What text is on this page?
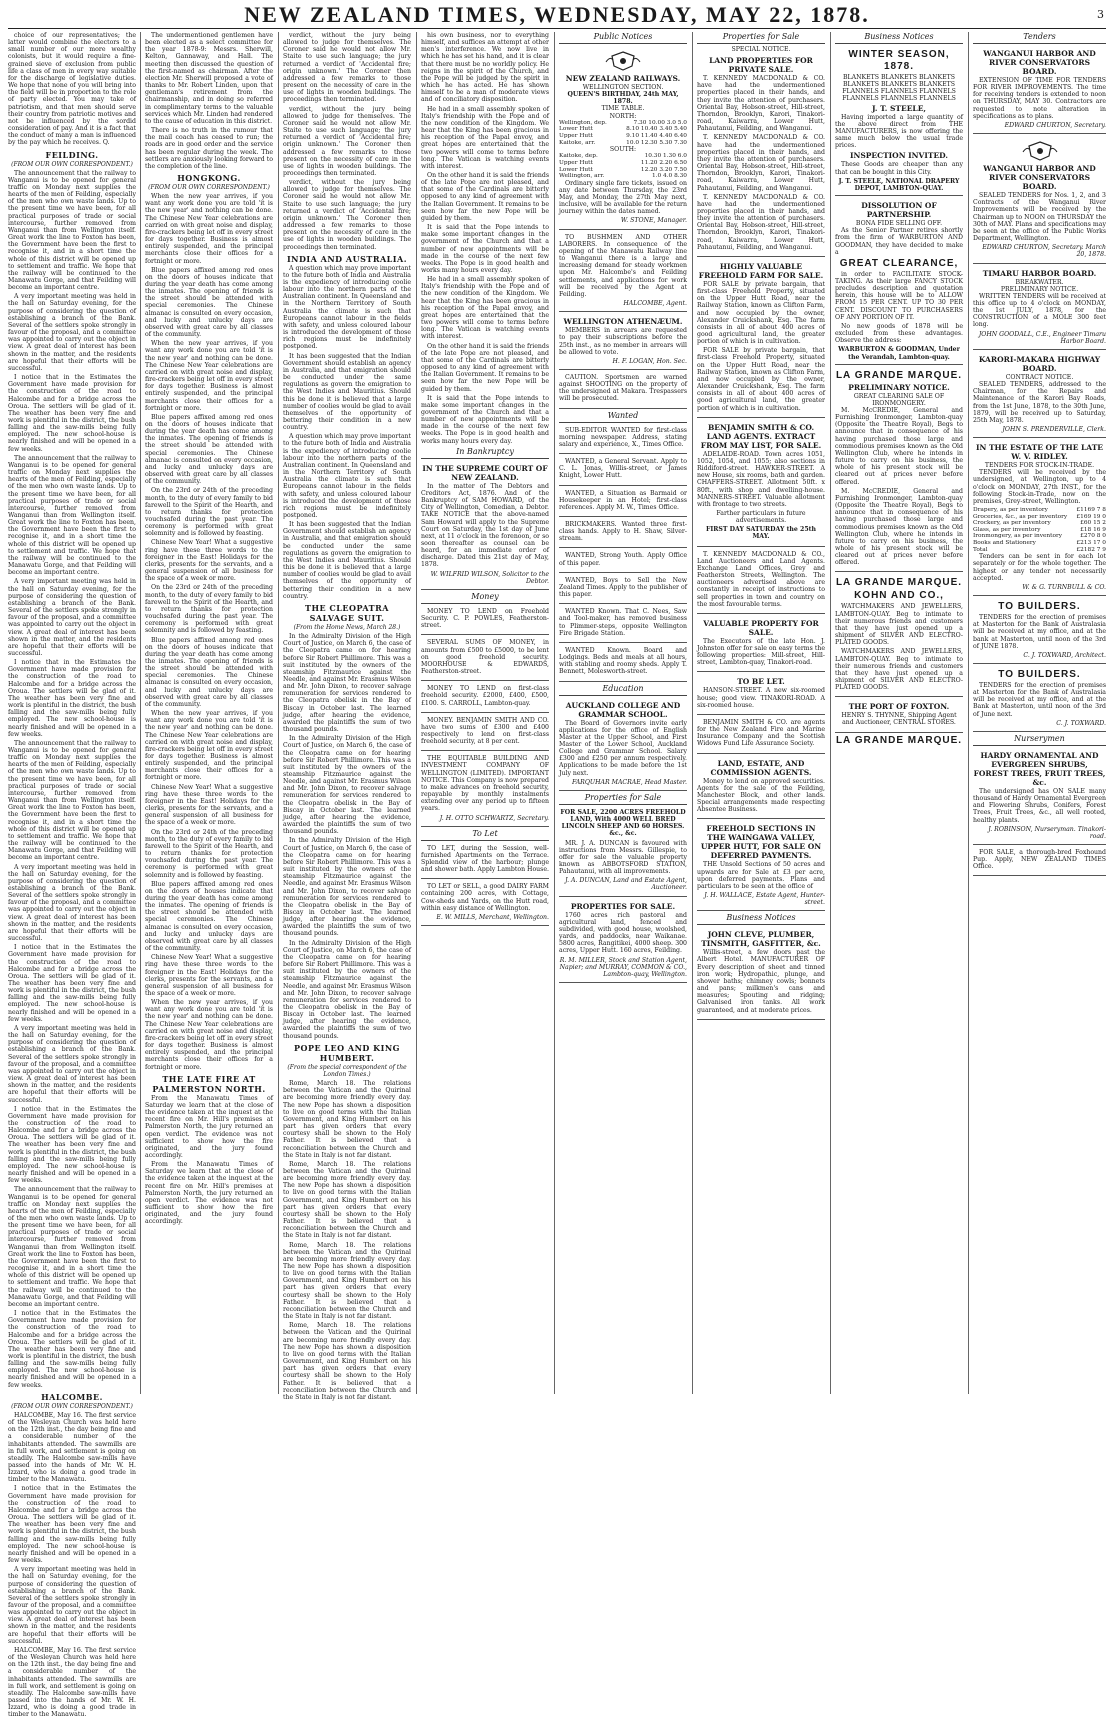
NEW ZEALAND TIMES, WEDNESDAY, MAY 22, 1878.	3

choice of our representatives; the latter would combine the electors to a small number of our more wealthy colonists, but it would require a fine-grained sieve of exclusion from public life a class of men in every way suitable for the discharge of legislative duties. We hope that none of you will bring into the field will be in proportion to the role of party elected. You may take of patriotism, and that men should serve their country from patriotic motives and not be influenced by the sordid consideration of pay. And it is a fact that the conduct of many a man is influenced by the pay which he receives. Q.

FEILDING.
(FROM OUR OWN CORRESPONDENT.)

The announcement that the railway to Wanganui is to be opened for general traffic on Monday next supplies the hearts of the men of Feilding, especially of the men who own waste lands. Up to the present time we have been, for all practical purposes of trade or social intercourse, further removed from Wanganui than from Wellington itself. Great work the line to Foxton has been, the Government have been the first to recognise it, and in a short time the whole of this district will be opened up to settlement and traffic. We hope that the railway will be continued to the Manawatu Gorge, and that Feilding will become an important centre.

A very important meeting was held in the hall on Saturday evening, for the purpose of considering the question of establishing a branch of the Bank. Several of the settlers spoke strongly in favour of the proposal, and a committee was appointed to carry out the object in view. A great deal of interest has been shown in the matter, and the residents are hopeful that their efforts will be successful.

I notice that in the Estimates the Government have made provision for the construction of the road to Halcombe and for a bridge across the Oroua. The settlers will be glad of it. The weather has been very fine and work is plentiful in the district, the bush falling and the saw-mills being fully employed. The new school-house is nearly finished and will be opened in a few weeks.

The announcement that the railway to Wanganui is to be opened for general traffic on Monday next supplies the hearts of the men of Feilding, especially of the men who own waste lands. Up to the present time we have been, for all practical purposes of trade or social intercourse, further removed from Wanganui than from Wellington itself. Great work the line to Foxton has been, the Government have been the first to recognise it, and in a short time the whole of this district will be opened up to settlement and traffic. We hope that the railway will be continued to the Manawatu Gorge, and that Feilding will become an important centre.

A very important meeting was held in the hall on Saturday evening, for the purpose of considering the question of establishing a branch of the Bank. Several of the settlers spoke strongly in favour of the proposal, and a committee was appointed to carry out the object in view. A great deal of interest has been shown in the matter, and the residents are hopeful that their efforts will be successful.

I notice that in the Estimates the Government have made provision for the construction of the road to Halcombe and for a bridge across the Oroua. The settlers will be glad of it. The weather has been very fine and work is plentiful in the district, the bush falling and the saw-mills being fully employed. The new school-house is nearly finished and will be opened in a few weeks.

The announcement that the railway to Wanganui is to be opened for general traffic on Monday next supplies the hearts of the men of Feilding, especially of the men who own waste lands. Up to the present time we have been, for all practical purposes of trade or social intercourse, further removed from Wanganui than from Wellington itself. Great work the line to Foxton has been, the Government have been the first to recognise it, and in a short time the whole of this district will be opened up to settlement and traffic. We hope that the railway will be continued to the Manawatu Gorge, and that Feilding will become an important centre.

A very important meeting was held in the hall on Saturday evening, for the purpose of considering the question of establishing a branch of the Bank. Several of the settlers spoke strongly in favour of the proposal, and a committee was appointed to carry out the object in view. A great deal of interest has been shown in the matter, and the residents are hopeful that their efforts will be successful.

I notice that in the Estimates the Government have made provision for the construction of the road to Halcombe and for a bridge across the Oroua. The settlers will be glad of it. The weather has been very fine and work is plentiful in the district, the bush falling and the saw-mills being fully employed. The new school-house is nearly finished and will be opened in a few weeks.

A very important meeting was held in the hall on Saturday evening, for the purpose of considering the question of establishing a branch of the Bank. Several of the settlers spoke strongly in favour of the proposal, and a committee was appointed to carry out the object in view. A great deal of interest has been shown in the matter, and the residents are hopeful that their efforts will be successful.

I notice that in the Estimates the Government have made provision for the construction of the road to Halcombe and for a bridge across the Oroua. The settlers will be glad of it. The weather has been very fine and work is plentiful in the district, the bush falling and the saw-mills being fully employed. The new school-house is nearly finished and will be opened in a few weeks.

The announcement that the railway to Wanganui is to be opened for general traffic on Monday next supplies the hearts of the men of Feilding, especially of the men who own waste lands. Up to the present time we have been, for all practical purposes of trade or social intercourse, further removed from Wanganui than from Wellington itself. Great work the line to Foxton has been, the Government have been the first to recognise it, and in a short time the whole of this district will be opened up to settlement and traffic. We hope that the railway will be continued to the Manawatu Gorge, and that Feilding will become an important centre.

I notice that in the Estimates the Government have made provision for the construction of the road to Halcombe and for a bridge across the Oroua. The settlers will be glad of it. The weather has been very fine and work is plentiful in the district, the bush falling and the saw-mills being fully employed. The new school-house is nearly finished and will be opened in a few weeks.

HALCOMBE.
(FROM OUR OWN CORRESPONDENT.)

HALCOMBE, May 16. The first service of the Wesleyan Church was held here on the 12th inst., the day being fine and a considerable number of the inhabitants attended. The sawmills are in full work, and settlement is going on steadily. The Halcombe saw-mills have passed into the hands of Mr. W. H. Izzard, who is doing a good trade in timber to the Manawatu.

I notice that in the Estimates the Government have made provision for the construction of the road to Halcombe and for a bridge across the Oroua. The settlers will be glad of it. The weather has been very fine and work is plentiful in the district, the bush falling and the saw-mills being fully employed. The new school-house is nearly finished and will be opened in a few weeks.

A very important meeting was held in the hall on Saturday evening, for the purpose of considering the question of establishing a branch of the Bank. Several of the settlers spoke strongly in favour of the proposal, and a committee was appointed to carry out the object in view. A great deal of interest has been shown in the matter, and the residents are hopeful that their efforts will be successful.

HALCOMBE, May 16. The first service of the Wesleyan Church was held here on the 12th inst., the day being fine and a considerable number of the inhabitants attended. The sawmills are in full work, and settlement is going on steadily. The Halcombe saw-mills have passed into the hands of Mr. W. H. Izzard, who is doing a good trade in timber to the Manawatu.

The undermentioned gentlemen have been elected as a select committee for the year 1878-9: Messrs. Sherwill, Kelton, Gannaway, and Hall. The meeting then discussed the question of the first-named as chairman. After the election Mr. Sherwill proposed a vote of thanks to Mr. Robert Linden, upon that gentleman's retirement from the chairmanship, and in doing so referred in complimentary terms to the valuable services which Mr. Linden had rendered to the cause of education in this district.

There is no truth in the rumour that the mail coach has ceased to run; the roads are in good order and the service has been regular during the week. The settlers are anxiously looking forward to the completion of the line.

HONGKONG.
(FROM OUR OWN CORRESPONDENT.)

When the new year arrives, if you want any work done you are told 'it is the new year' and nothing can be done. The Chinese New Year celebrations are carried on with great noise and display, fire-crackers being let off in every street for days together. Business is almost entirely suspended, and the principal merchants close their offices for a fortnight or more.

Blue papers affixed among red ones on the doors of houses indicate that during the year death has come among the inmates. The opening of friends is the street should be attended with special ceremonies. The Chinese almanac is consulted on every occasion, and lucky and unlucky days are observed with great care by all classes of the community.

When the new year arrives, if you want any work done you are told 'it is the new year' and nothing can be done. The Chinese New Year celebrations are carried on with great noise and display, fire-crackers being let off in every street for days together. Business is almost entirely suspended, and the principal merchants close their offices for a fortnight or more.

Blue papers affixed among red ones on the doors of houses indicate that during the year death has come among the inmates. The opening of friends is the street should be attended with special ceremonies. The Chinese almanac is consulted on every occasion, and lucky and unlucky days are observed with great care by all classes of the community.

On the 23rd or 24th of the preceding month, to the duty of every family to bid farewell to the Spirit of the Hearth, and to return thanks for protection vouchsafed during the past year. The ceremony is performed with great solemnity and is followed by feasting.

Chinese New Year! What a suggestive ring have these three words to the foreigner in the East! Holidays for the clerks, presents for the servants, and a general suspension of all business for the space of a week or more.

On the 23rd or 24th of the preceding month, to the duty of every family to bid farewell to the Spirit of the Hearth, and to return thanks for protection vouchsafed during the past year. The ceremony is performed with great solemnity and is followed by feasting.

Blue papers affixed among red ones on the doors of houses indicate that during the year death has come among the inmates. The opening of friends is the street should be attended with special ceremonies. The Chinese almanac is consulted on every occasion, and lucky and unlucky days are observed with great care by all classes of the community.

When the new year arrives, if you want any work done you are told 'it is the new year' and nothing can be done. The Chinese New Year celebrations are carried on with great noise and display, fire-crackers being let off in every street for days together. Business is almost entirely suspended, and the principal merchants close their offices for a fortnight or more.

Chinese New Year! What a suggestive ring have these three words to the foreigner in the East! Holidays for the clerks, presents for the servants, and a general suspension of all business for the space of a week or more.

On the 23rd or 24th of the preceding month, to the duty of every family to bid farewell to the Spirit of the Hearth, and to return thanks for protection vouchsafed during the past year. The ceremony is performed with great solemnity and is followed by feasting.

Blue papers affixed among red ones on the doors of houses indicate that during the year death has come among the inmates. The opening of friends is the street should be attended with special ceremonies. The Chinese almanac is consulted on every occasion, and lucky and unlucky days are observed with great care by all classes of the community.

Chinese New Year! What a suggestive ring have these three words to the foreigner in the East! Holidays for the clerks, presents for the servants, and a general suspension of all business for the space of a week or more.

When the new year arrives, if you want any work done you are told 'it is the new year' and nothing can be done. The Chinese New Year celebrations are carried on with great noise and display, fire-crackers being let off in every street for days together. Business is almost entirely suspended, and the principal merchants close their offices for a fortnight or more.

THE LATE FIRE AT PALMERSTON NORTH.

From the Manawatu Times of Saturday we learn that at the close of the evidence taken at the inquest at the recent fire on Mr. Hill's premises at Palmerston North, the jury returned an open verdict. The evidence was not sufficient to show how the fire originated, and the jury found accordingly.

From the Manawatu Times of Saturday we learn that at the close of the evidence taken at the inquest at the recent fire on Mr. Hill's premises at Palmerston North, the jury returned an open verdict. The evidence was not sufficient to show how the fire originated, and the jury found accordingly.

verdict, without the jury being allowed to judge for themselves. The Coroner said he would not allow Mr. Staite to use such language; the jury returned a verdict of 'Accidental fire; origin unknown.' The Coroner then addressed a few remarks to those present on the necessity of care in the use of lights in wooden buildings. The proceedings then terminated.

verdict, without the jury being allowed to judge for themselves. The Coroner said he would not allow Mr. Staite to use such language; the jury returned a verdict of 'Accidental fire; origin unknown.' The Coroner then addressed a few remarks to those present on the necessity of care in the use of lights in wooden buildings. The proceedings then terminated.

verdict, without the jury being allowed to judge for themselves. The Coroner said he would not allow Mr. Staite to use such language; the jury returned a verdict of 'Accidental fire; origin unknown.' The Coroner then addressed a few remarks to those present on the necessity of care in the use of lights in wooden buildings. The proceedings then terminated.

INDIA AND AUSTRALIA.

A question which may prove important to the future both of India and Australia is the expediency of introducing coolie labour into the northern parts of the Australian continent. In Queensland and in the Northern Territory of South Australia the climate is such that Europeans cannot labour in the fields with safety, and unless coloured labour is introduced the development of those rich regions must be indefinitely postponed.

It has been suggested that the Indian Government should establish an agency in Australia, and that emigration should be conducted under the same regulations as govern the emigration to the West Indies and Mauritius. Should this be done it is believed that a large number of coolies would be glad to avail themselves of the opportunity of bettering their condition in a new country.

A question which may prove important to the future both of India and Australia is the expediency of introducing coolie labour into the northern parts of the Australian continent. In Queensland and in the Northern Territory of South Australia the climate is such that Europeans cannot labour in the fields with safety, and unless coloured labour is introduced the development of those rich regions must be indefinitely postponed.

It has been suggested that the Indian Government should establish an agency in Australia, and that emigration should be conducted under the same regulations as govern the emigration to the West Indies and Mauritius. Should this be done it is believed that a large number of coolies would be glad to avail themselves of the opportunity of bettering their condition in a new country.

THE CLEOPATRA SALVAGE SUIT.
(From the Home News, March 28.)

In the Admiralty Division of the High Court of Justice, on March 6, the case of the Cleopatra came on for hearing before Sir Robert Phillimore. This was a suit instituted by the owners of the steamship Fitzmaurice against the Needle, and against Mr. Erasmus Wilson and Mr. John Dixon, to recover salvage remuneration for services rendered to the Cleopatra obelisk in the Bay of Biscay in October last. The learned judge, after hearing the evidence, awarded the plaintiffs the sum of two thousand pounds.

In the Admiralty Division of the High Court of Justice, on March 6, the case of the Cleopatra came on for hearing before Sir Robert Phillimore. This was a suit instituted by the owners of the steamship Fitzmaurice against the Needle, and against Mr. Erasmus Wilson and Mr. John Dixon, to recover salvage remuneration for services rendered to the Cleopatra obelisk in the Bay of Biscay in October last. The learned judge, after hearing the evidence, awarded the plaintiffs the sum of two thousand pounds.

In the Admiralty Division of the High Court of Justice, on March 6, the case of the Cleopatra came on for hearing before Sir Robert Phillimore. This was a suit instituted by the owners of the steamship Fitzmaurice against the Needle, and against Mr. Erasmus Wilson and Mr. John Dixon, to recover salvage remuneration for services rendered to the Cleopatra obelisk in the Bay of Biscay in October last. The learned judge, after hearing the evidence, awarded the plaintiffs the sum of two thousand pounds.

In the Admiralty Division of the High Court of Justice, on March 6, the case of the Cleopatra came on for hearing before Sir Robert Phillimore. This was a suit instituted by the owners of the steamship Fitzmaurice against the Needle, and against Mr. Erasmus Wilson and Mr. John Dixon, to recover salvage remuneration for services rendered to the Cleopatra obelisk in the Bay of Biscay in October last. The learned judge, after hearing the evidence, awarded the plaintiffs the sum of two thousand pounds.

POPE LEO AND KING HUMBERT.
(From the special correspondent of the London Times.)

Rome, March 18. The relations between the Vatican and the Quirinal are becoming more friendly every day. The new Pope has shown a disposition to live on good terms with the Italian Government, and King Humbert on his part has given orders that every courtesy shall be shown to the Holy Father. It is believed that a reconciliation between the Church and the State in Italy is not far distant.

Rome, March 18. The relations between the Vatican and the Quirinal are becoming more friendly every day. The new Pope has shown a disposition to live on good terms with the Italian Government, and King Humbert on his part has given orders that every courtesy shall be shown to the Holy Father. It is believed that a reconciliation between the Church and the State in Italy is not far distant.

Rome, March 18. The relations between the Vatican and the Quirinal are becoming more friendly every day. The new Pope has shown a disposition to live on good terms with the Italian Government, and King Humbert on his part has given orders that every courtesy shall be shown to the Holy Father. It is believed that a reconciliation between the Church and the State in Italy is not far distant.

Rome, March 18. The relations between the Vatican and the Quirinal are becoming more friendly every day. The new Pope has shown a disposition to live on good terms with the Italian Government, and King Humbert on his part has given orders that every courtesy shall be shown to the Holy Father. It is believed that a reconciliation between the Church and the State in Italy is not far distant.

his own business, nor to everything himself, and suffices an attempt at other men's interference. We now live in which he has set his hand, and it is clear that there must be no worldly policy. He reigns in the spirit of the Church, and the Pope will be judged by the spirit in which he has acted. He has shown himself to be a man of moderate views and of conciliatory disposition.

He had in a small assembly spoken of Italy's friendship with the Pope and of the new condition of the Kingdom. We hear that the King has been gracious in his reception of the Papal envoy, and great hopes are entertained that the two powers will come to terms before long. The Vatican is watching events with interest.

On the other hand it is said the friends of the late Pope are not pleased, and that some of the Cardinals are bitterly opposed to any kind of agreement with the Italian Government. It remains to be seen how far the new Pope will be guided by them.

It is said that the Pope intends to make some important changes in the government of the Church and that a number of new appointments will be made in the course of the next few weeks. The Pope is in good health and works many hours every day.

He had in a small assembly spoken of Italy's friendship with the Pope and of the new condition of the Kingdom. We hear that the King has been gracious in his reception of the Papal envoy, and great hopes are entertained that the two powers will come to terms before long. The Vatican is watching events with interest.

On the other hand it is said the friends of the late Pope are not pleased, and that some of the Cardinals are bitterly opposed to any kind of agreement with the Italian Government. It remains to be seen how far the new Pope will be guided by them.

It is said that the Pope intends to make some important changes in the government of the Church and that a number of new appointments will be made in the course of the next few weeks. The Pope is in good health and works many hours every day.

In Bankruptcy
IN THE SUPREME COURT OF NEW ZEALAND.

In the matter of The Debtors and Creditors Act, 1876. And of the Bankruptcy of SAM HOWARD, of the City of Wellington, Comedian, a Debtor. TAKE NOTICE that the above-named Sam Howard will apply to the Supreme Court on Saturday, the 1st day of June next, at 11 o'clock in the forenoon, or so soon thereafter as counsel can be heard, for an immediate order of discharge. Dated this 21st day of May, 1878.

W. WILFRID WILSON, Solicitor to the Debtor.
Money

MONEY TO LEND on Freehold Security. C. P. POWLES, Featherston-street.

SEVERAL SUMS OF MONEY, in amounts from £500 to £5000, to be lent on good freehold security. MOORHOUSE & EDWARDS, Featherston-street.

MONEY TO LEND on first-class freehold security. £2000, £400, £500, £100. S. CARROLL, Lambton-quay.

MONEY. BENJAMIN SMITH AND CO. have two sums of £300 and £400 respectively to lend on first-class freehold security, at 8 per cent.

THE EQUITABLE BUILDING AND INVESTMENT COMPANY OF WELLINGTON (LIMITED). IMPORTANT NOTICE. This Company is now prepared to make advances on freehold security, repayable by monthly instalments extending over any period up to fifteen years.

J. H. OTTO SCHWARTZ, Secretary.
To Let

TO LET, during the Session, well-furnished Apartments on the Terrace. Splendid view of the harbour; plunge and shower bath. Apply Lambton House.

TO LET or SELL, a good DAIRY FARM containing 200 acres, with Cottage, Cow-sheds and Yards, on the Hutt road, within easy distance of Wellington.

E. W. MILLS, Merchant, Wellington.
Public Notices
NEW ZEALAND RAILWAYS.
WELLINGTON SECTION.
QUEEN'S BIRTHDAY, 24th MAY, 1878.
TIME TABLE.
NORTH:
Wellington, dep.	7.30 10.00 3.0 5.0
Lower Hutt	8.10 10.40 3.40 5.40
Upper Hutt	9.10 11.40 4.40 6.40
Kaitoke, arr.	10.0 12.30 5.30 7.30
SOUTH:
Kaitoke, dep.	10.30 1.30 6.0
Upper Hutt	11.20 2.20 6.50
Lower Hutt	12.20 3.20 7.50
Wellington, arr.	1.0 4.0 8.30

Ordinary single fare tickets, issued on any date between Thursday, the 23rd May, and Monday, the 27th May next, inclusive, will be available for the return journey within the dates named.

W. STONE, Manager.

TO BUSHMEN AND OTHER LABORERS. In consequence of the opening of the Manawatu Railway line to Wanganui there is a large and increasing demand for steady workmen upon Mr. Halcombe's and Feilding settlements, and applications for work will be received by the Agent at Feilding.

HALCOMBE, Agent.
WELLINGTON ATHENÆUM.

MEMBERS in arrears are requested to pay their subscriptions before the 25th inst., as no member in arrears will be allowed to vote.

H. F. LOGAN, Hon. Sec.

CAUTION. Sportsmen are warned against SHOOTING on the property of the undersigned at Makara. Trespassers will be prosecuted.

Wanted

SUB-EDITOR WANTED for first-class morning newspaper. Address, stating salary and experience, X., Times Office.

WANTED, a General Servant. Apply to C. L. Jonas, Willis-street, or James Knight, Lower Hutt.

WANTED, a Situation as Barmaid or Housekeeper in an Hotel; first-class references. Apply M. W., Times Office.

BRICKMAKERS. Wanted three first-class hands. Apply to H. Shaw, Silver-stream.

WANTED, Strong Youth. Apply Office of this paper.

WANTED, Boys to Sell the New Zealand Times. Apply to the publisher of this paper.

WANTED Known. That C. Nees, Saw and Tool-maker, has removed business to Plimmer-steps, opposite Wellington Fire Brigade Station.

WANTED Known. Board and Lodgings. Beds and meals at all hours, with stabling and roomy sheds. Apply T. Bennett, Molesworth-street.

Education
AUCKLAND COLLEGE AND GRAMMAR SCHOOL.

The Board of Governors invite early applications for the office of English Master at the Upper School, and First Master of the Lower School, Auckland College and Grammar School. Salary £300 and £250 per annum respectively. Applications to be made before the 1st July next.

FARQUHAR MACRAE, Head Master.
Properties for Sale

FOR SALE, 2200 ACRES FREEHOLD LAND, With 4000 WELL BRED LINCOLN SHEEP AND 60 HORSES. &c., &c.

MR. J. A. DUNCAN is favoured with instructions from Messrs. Gillespie, to offer for sale the valuable property known as ABBOTSFORD STATION, Pahautanui, with all improvements.

J. A. DUNCAN, Land and Estate Agent, Auctioneer.
PROPERTIES FOR SALE.

1760 acres rich pastoral and agricultural land, fenced and subdivided, with good house, woolshed, yards, and paddocks, near Waikanae. 5800 acres, Rangitikei, 4000 sheep. 300 acres, Upper Hutt. 160 acres, Feilding.

R. M. MILLER, Stock and Station Agent, Napier; and MURRAY, COMMON & CO., Lambton-quay, Wellington.
Properties for Sale
SPECIAL NOTICE.
LAND PROPERTIES FOR PRIVATE SALE.

T. KENNEDY MACDONALD & CO. have had the undermentioned properties placed in their hands, and they invite the attention of purchasers. Oriental Bay, Hobson-street, Hill-street, Thorndon, Brooklyn, Karori, Tinakori-road, Kaiwarra, Lower Hutt, Pahautanui, Feilding, and Wanganui.

T. KENNEDY MACDONALD & CO. have had the undermentioned properties placed in their hands, and they invite the attention of purchasers. Oriental Bay, Hobson-street, Hill-street, Thorndon, Brooklyn, Karori, Tinakori-road, Kaiwarra, Lower Hutt, Pahautanui, Feilding, and Wanganui.

T. KENNEDY MACDONALD & CO. have had the undermentioned properties placed in their hands, and they invite the attention of purchasers. Oriental Bay, Hobson-street, Hill-street, Thorndon, Brooklyn, Karori, Tinakori-road, Kaiwarra, Lower Hutt, Pahautanui, Feilding, and Wanganui.

HIGHLY VALUABLE FREEHOLD FARM FOR SALE.

FOR SALE by private bargain, that first-class Freehold Property, situated on the Upper Hutt Road, near the Railway Station, known as Clifton Farm, and now occupied by the owner, Alexander Cruickshank, Esq. The farm consists in all of about 400 acres of good agricultural land, the greater portion of which is in cultivation.

FOR SALE by private bargain, that first-class Freehold Property, situated on the Upper Hutt Road, near the Railway Station, known as Clifton Farm, and now occupied by the owner, Alexander Cruickshank, Esq. The farm consists in all of about 400 acres of good agricultural land, the greater portion of which is in cultivation.

BENJAMIN SMITH & CO. LAND AGENTS. EXTRACT FROM MAY LIST, FOR SALE.

ADELAIDE-ROAD. Town acres 1051, 1052, 1054, and 1055; also sections in Riddiford-street. HAWKER-STREET. A new House, six rooms, bath and garden. CHAFFERS-STREET. Allotment 50ft. x 80ft., with shop and dwelling-house. MANNERS-STREET. Valuable allotment with frontage to two streets.

Farther particulars in future advertisements.

FIRST DAY SATURDAY the 25th MAY.

T. KENNEDY MACDONALD & CO., Land Auctioneers and Land Agents. Exchange Land Offices, Grey and Featherston Streets, Wellington. The auctioneers advertised above are constantly in receipt of instructions to sell properties in town and country on the most favourable terms.

VALUABLE PROPERTY FOR SALE.

The Executors of the late Hon. J. Johnston offer for sale on easy terms the following properties: Mill-street, Hill-street, Lambton-quay, Tinakori-road.

TO BE LET.

HANSON-STREET. A new six-roomed house; good view. TINAKORI-ROAD. A six-roomed house.

BENJAMIN SMITH & CO. are agents for the New Zealand Fire and Marine Insurance Company and the Scottish Widows Fund Life Assurance Society.

LAND, ESTATE, AND COMMISSION AGENTS.

Money to lend on approved securities. Agents for the sale of the Feilding, Manchester Block, and other lands. Special arrangements made respecting Absentee Business.

FREEHOLD SECTIONS IN THE WAINGAWA VALLEY, UPPER HUTT, FOR SALE ON DEFERRED PAYMENTS.

THE Unsold Sections of 50 acres and upwards are for Sale at £3 per acre, upon deferred payments. Plans and particulars to be seen at the office of

J. H. WALLACE, Estate Agent, Hunter-street.
Business Notices
JOHN CLEVE, PLUMBER, TINSMITH, GASFITTER, &c.

Willis-street, a few doors past the Albert Hotel. MANUFACTURER OF Every description of sheet and tinned iron work; Hydropathic, plunge, and shower baths; chimney cowls; bonnets and pans; milkmen's cans and measures; Spouting and ridging; Galvanised iron tanks. All work guaranteed, and at moderate prices.

Business Notices
WINTER SEASON, 1878.
BLANKETS BLANKETS BLANKETS
BLANKETS BLANKETS BLANKETS
FLANNELS FLANNELS FLANNELS
FLANNELS FLANNELS FLANNELS
J. T. STEELE,

Having imported a large quantity of the above direct from THE MANUFACTURERS, is now offering the same much below the usual trade prices.

INSPECTION INVITED.

These Goods are cheaper than any that can be bought in this City.

J. T. STEELE, NATIONAL DRAPERY DEPOT, LAMBTON-QUAY.
DISSOLUTION OF PARTNERSHIP.
BONA FIDE SELLING OFF.

As the Senior Partner retires shortly from the firm of WARBURTON AND GOODMAN, they have decided to make a

GREAT CLEARANCE,

in order to FACILITATE STOCK-TAKING. As their large FANCY STOCK precludes description and quotation herein, this house will be to ALLOW FROM 15 PER CENT. UP TO 30 PER CENT. DISCOUNT TO PURCHASERS OF ANY PORTION OF IT.

No new goods of 1878 will be excluded from these advantages. Observe the address:

WARBURTON & GOODMAN, Under the Verandah, Lambton-quay.
LA GRANDE MARQUE.
PRELIMINARY NOTICE.
GREAT CLEARING SALE OF IRONMONGERY.

M. McCREDIE, General and Furnishing Ironmonger, Lambton-quay (Opposite the Theatre Royal), Begs to announce that in consequence of his having purchased those large and commodious premises known as the Old Wellington Club, where he intends in future to carry on his business, the whole of his present stock will be cleared out at prices never before offered.

M. McCREDIE, General and Furnishing Ironmonger, Lambton-quay (Opposite the Theatre Royal), Begs to announce that in consequence of his having purchased those large and commodious premises known as the Old Wellington Club, where he intends in future to carry on his business, the whole of his present stock will be cleared out at prices never before offered.

LA GRANDE MARQUE.
KOHN AND CO.,

WATCHMAKERS AND JEWELLERS, LAMBTON-QUAY. Beg to intimate to their numerous friends and customers that they have just opened up a shipment of SILVER AND ELECTRO-PLATED GOODS.

WATCHMAKERS AND JEWELLERS, LAMBTON-QUAY. Beg to intimate to their numerous friends and customers that they have just opened up a shipment of SILVER AND ELECTRO-PLATED GOODS.

THE PORT OF FOXTON.

HENRY S. THYNNE, Shipping Agent and Auctioneer, CENTRAL STORES.

LA GRANDE MARQUE.
Tenders
WANGANUI HARBOR AND RIVER CONSERVATORS BOARD.

EXTENSION OF TIME FOR TENDERS FOR RIVER IMPROVEMENTS. The time for receiving tenders is extended to noon on THURSDAY, MAY 30. Contractors are requested to note alteration in specifications as to plans.

EDWARD CHURTON, Secretary.
WANGANUI HARBOR AND RIVER CONSERVATORS BOARD.

SEALED TENDERS for Nos. 1, 2, and 3 Contracts of the Wanganui River Improvements will be received by the Chairman up to NOON on THURSDAY the 30th of MAY. Plans and specifications may be seen at the office of the Public Works Department, Wellington.

EDWARD CHURTON, Secretary. March 20, 1878.
TIMARU HARBOR BOARD.
BREAKWATER.
PRELIMINARY NOTICE.

WRITTEN TENDERS will be received at this office up to 4 o'clock on MONDAY, the 1st JULY, 1878, for the CONSTRUCTION of a MOLE 300 feet long.

JOHN GOODALL, C.E., Engineer Timaru Harbor Board.
KARORI-MAKARA HIGHWAY BOARD.
CONTRACT NOTICE.

SEALED TENDERS, addressed to the Chairman, for the Repairs and Maintenance of the Karori Bay Roads, from the 1st June, 1878, to the 30th June, 1879, will be received up to Saturday, 25th May, 1878.

JOHN S. PRENDERVILLE, Clerk.
IN THE ESTATE OF THE LATE W. V. RIDLEY.
TENDERS FOR STOCK-IN-TRADE.

TENDERS will be received by the undersigned, at Wellington, up to 4 o'clock on MONDAY, 27th INST., for the following Stock-in-Trade, now on the premises, Grey-street, Wellington.

Drapery, as per inventory	£1169 7 8
Groceries, &c., as per inventory	£169 19 0
Crockery, as per inventory	£60 15 2
Glass, as per inventory	£18 16 9
Ironmongery, as per inventory	£270 8 0
Books and Stationery	£213 17 0
Total	£2182 7 9

Tenders can be sent in for each lot separately or for the whole together. The highest or any tender not necessarily accepted.

W. & G. TURNBULL & CO.
TO BUILDERS.

TENDERS for the erection of premises at Masterton for the Bank of Australasia will be received at my office, and at the bank at Masterton, until noon of the 3rd of JUNE 1878.

C. J. TOXWARD, Architect.
TO BUILDERS.

TENDERS for the erection of premises at Masterton for the Bank of Australasia will be received at my office, and at the Bank at Masterton, until noon of the 3rd of June next.

C. J. TOXWARD.
Nurserymen
HARDY ORNAMENTAL AND EVERGREEN SHRUBS, FOREST TREES, FRUIT TREES, &c.

The undersigned has ON SALE many thousand of Hardy Ornamental Evergreen and Flowering Shrubs, Conifers, Forest Trees, Fruit Trees, &c., all well rooted, healthy plants.

J. ROBINSON, Nurseryman. Tinakori-road.

FOR SALE, a thorough-bred Foxhound Pup. Apply, NEW ZEALAND TIMES Office.
